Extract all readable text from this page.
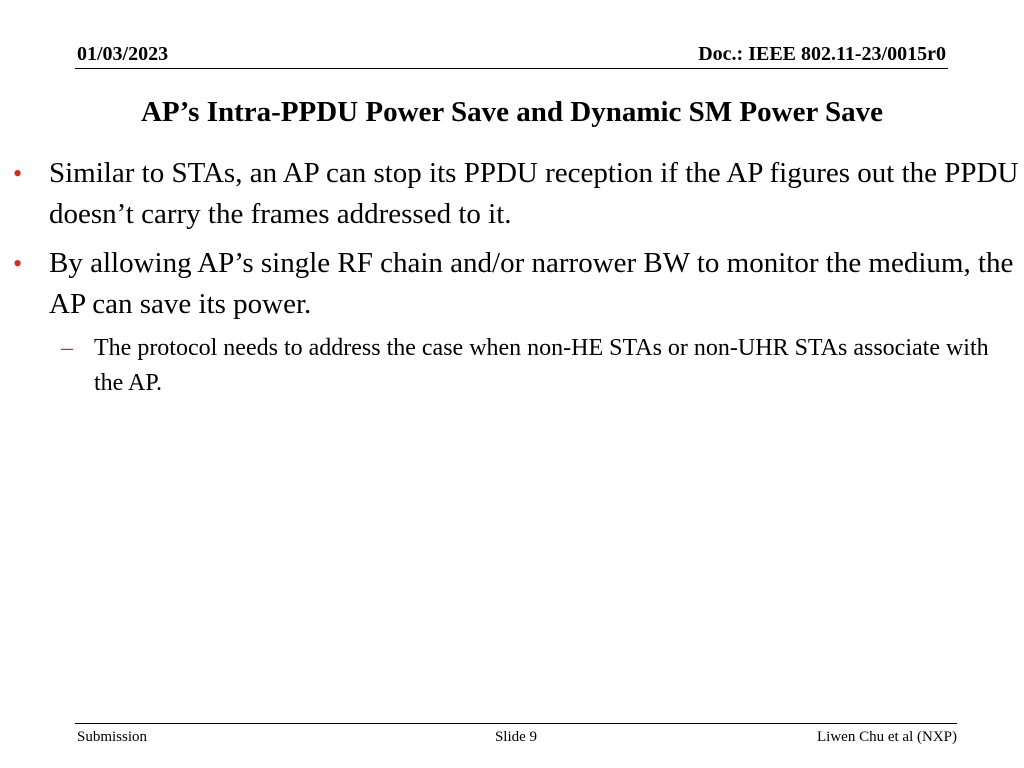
01/03/2023	Doc.: IEEE 802.11-23/0015r0
AP’s Intra-PPDU Power Save and Dynamic SM Power Save
• Similar to STAs, an AP can stop its PPDU reception if the AP figures out the PPDU doesn’t carry the frames addressed to it.
• By allowing AP’s single RF chain and/or narrower BW to monitor the medium, the AP can save its power.
– The protocol needs to address the case when non-HE STAs or non-UHR STAs associate with the AP.
Submission	Slide 9	Liwen Chu et al (NXP)
